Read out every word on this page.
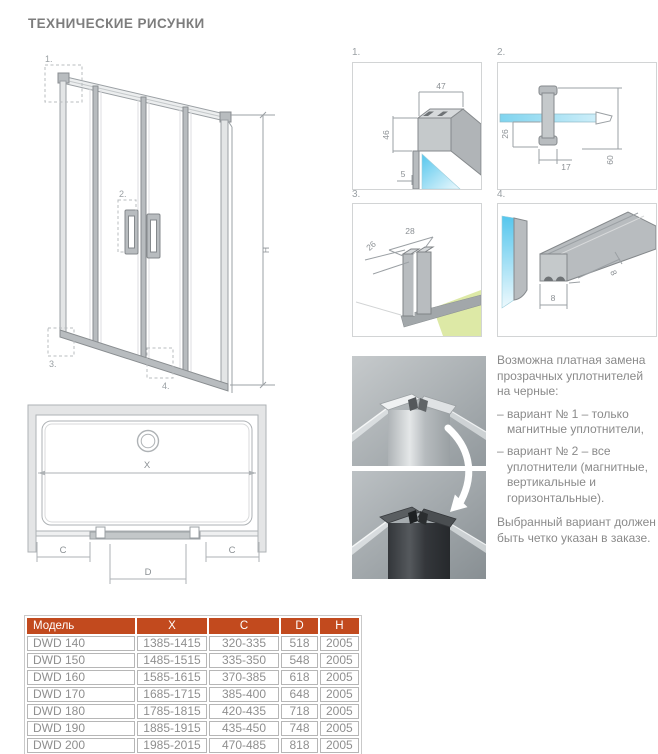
ТЕХНИЧЕСКИЕ РИСУНКИ
1.
2.
3.
4.
H
X
C	C
D
1.
47
46
5
2.
26
17
60
3.
28
26
4.
8
8

Возможна платная замена прозрачных уплотнителей на черные:

– вариант № 1 – только магнитные уплотнители,

– вариант № 2 – все уплотнители (магнитные, вертикальные и горизонтальные).

Выбранный вариант должен быть четко указан в заказе.

Модель	X	C	D	H
DWD 140	1385-1415	320-335	518	2005
DWD 150	1485-1515	335-350	548	2005
DWD 160	1585-1615	370-385	618	2005
DWD 170	1685-1715	385-400	648	2005
DWD 180	1785-1815	420-435	718	2005
DWD 190	1885-1915	435-450	748	2005
DWD 200	1985-2015	470-485	818	2005
